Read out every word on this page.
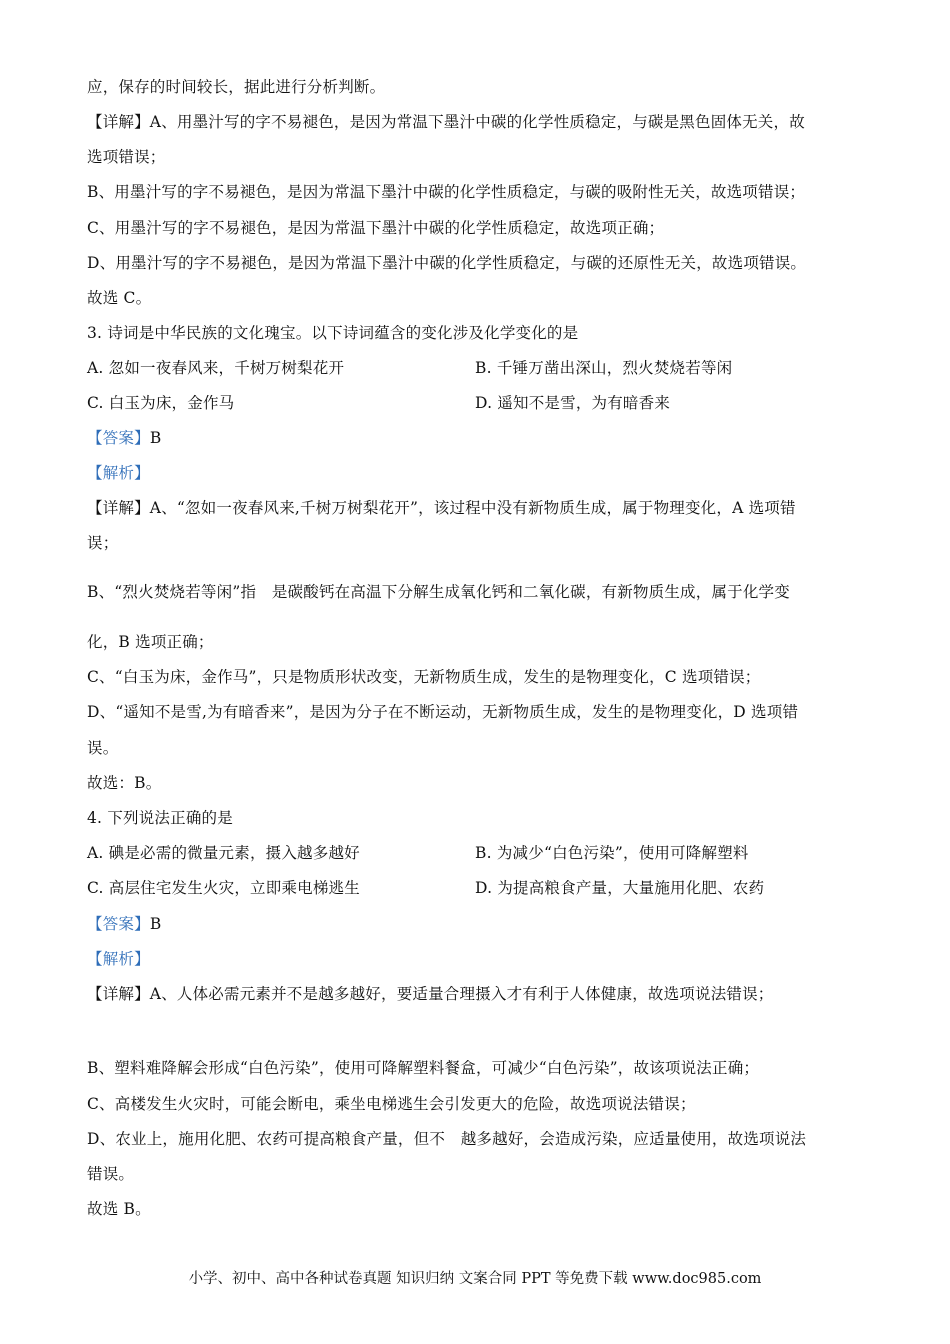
应，保存的时间较长，据此进行分析判断。
【详解】A、用墨汁写的字不易褪色，是因为常温下墨汁中碳的化学性质稳定，与碳是黑色固体无关，故
选项错误；
B、用墨汁写的字不易褪色，是因为常温下墨汁中碳的化学性质稳定，与碳的吸附性无关，故选项错误；
C、用墨汁写的字不易褪色，是因为常温下墨汁中碳的化学性质稳定，故选项正确；
D、用墨汁写的字不易褪色，是因为常温下墨汁中碳的化学性质稳定，与碳的还原性无关，故选项错误。
故选 C。
3. 诗词是中华民族的文化瑰宝。以下诗词蕴含的变化涉及化学变化的是
A. 忽如一夜春风来，千树万树梨花开	B. 千锤万凿出深山，烈火焚烧若等闲
C. 白玉为床，金作马	D. 遥知不是雪，为有暗香来
【答案】B
【解析】
【详解】A、“忽如一夜春风来,千树万树梨花开”，该过程中没有新物质生成，属于物理变化，A 选项错
误；
B、“烈火焚烧若等闲”指　是碳酸钙在高温下分解生成氧化钙和二氧化碳，有新物质生成，属于化学变
化，B 选项正确；
C、“白玉为床，金作马”，只是物质形状改变，无新物质生成，发生的是物理变化，C 选项错误；
D、“遥知不是雪,为有暗香来”，是因为分子在不断运动，无新物质生成，发生的是物理变化，D 选项错
误。
故选：B。
4. 下列说法正确的是
A. 碘是必需的微量元素，摄入越多越好	B. 为减少“白色污染”，使用可降解塑料
C. 高层住宅发生火灾，立即乘电梯逃生	D. 为提高粮食产量，大量施用化肥、农药
【答案】B
【解析】
【详解】A、人体必需元素并不是越多越好，要适量合理摄入才有利于人体健康，故选项说法错误；
B、塑料难降解会形成“白色污染”，使用可降解塑料餐盒，可减少“白色污染”，故该项说法正确；
C、高楼发生火灾时，可能会断电，乘坐电梯逃生会引发更大的危险，故选项说法错误；
D、农业上，施用化肥、农药可提高粮食产量，但不　越多越好，会造成污染，应适量使用，故选项说法
错误。
故选 B。
小学、初中、高中各种试卷真题 知识归纳 文案合同 PPT 等免费下载 www.doc985.com
